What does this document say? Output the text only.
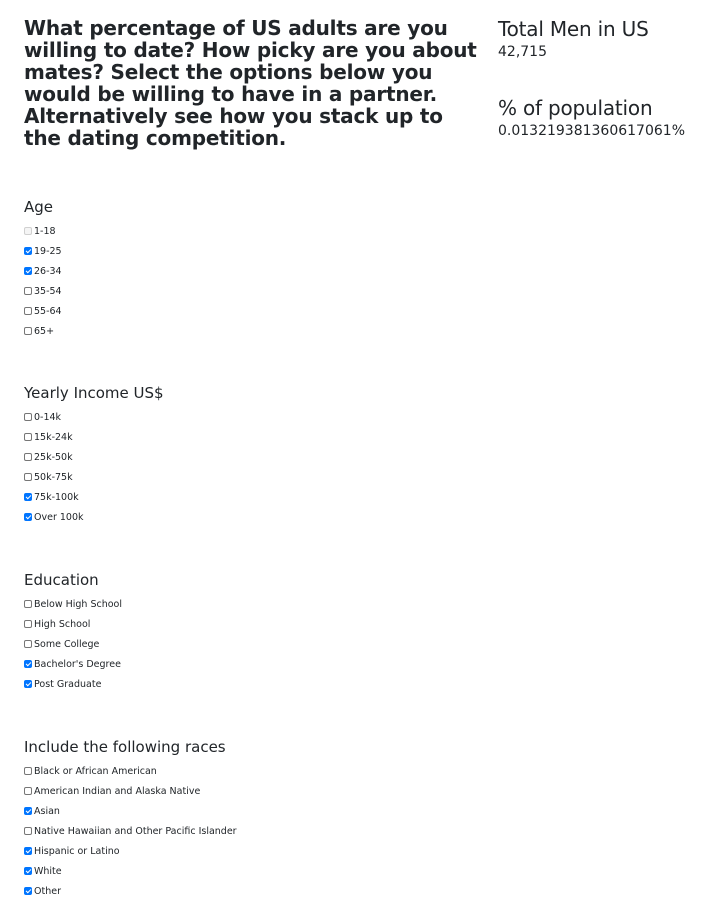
What percentage of US adults are you willing to date? How picky are you about mates? Select the options below you would be willing to have in a partner. Alternatively see how you stack up to the dating competition.

Total Men in US

42,715

% of population

0.013219381360617061%

Age
1-18
19-25
26-34
35-54
55-64
65+
Yearly Income US$
0-14k
15k-24k
25k-50k
50k-75k
75k-100k
Over 100k
Education
Below High School
High School
Some College
Bachelor's Degree
Post Graduate
Include the following races
Black or African American
American Indian and Alaska Native
Asian
Native Hawaiian and Other Pacific Islander
Hispanic or Latino
White
Other
